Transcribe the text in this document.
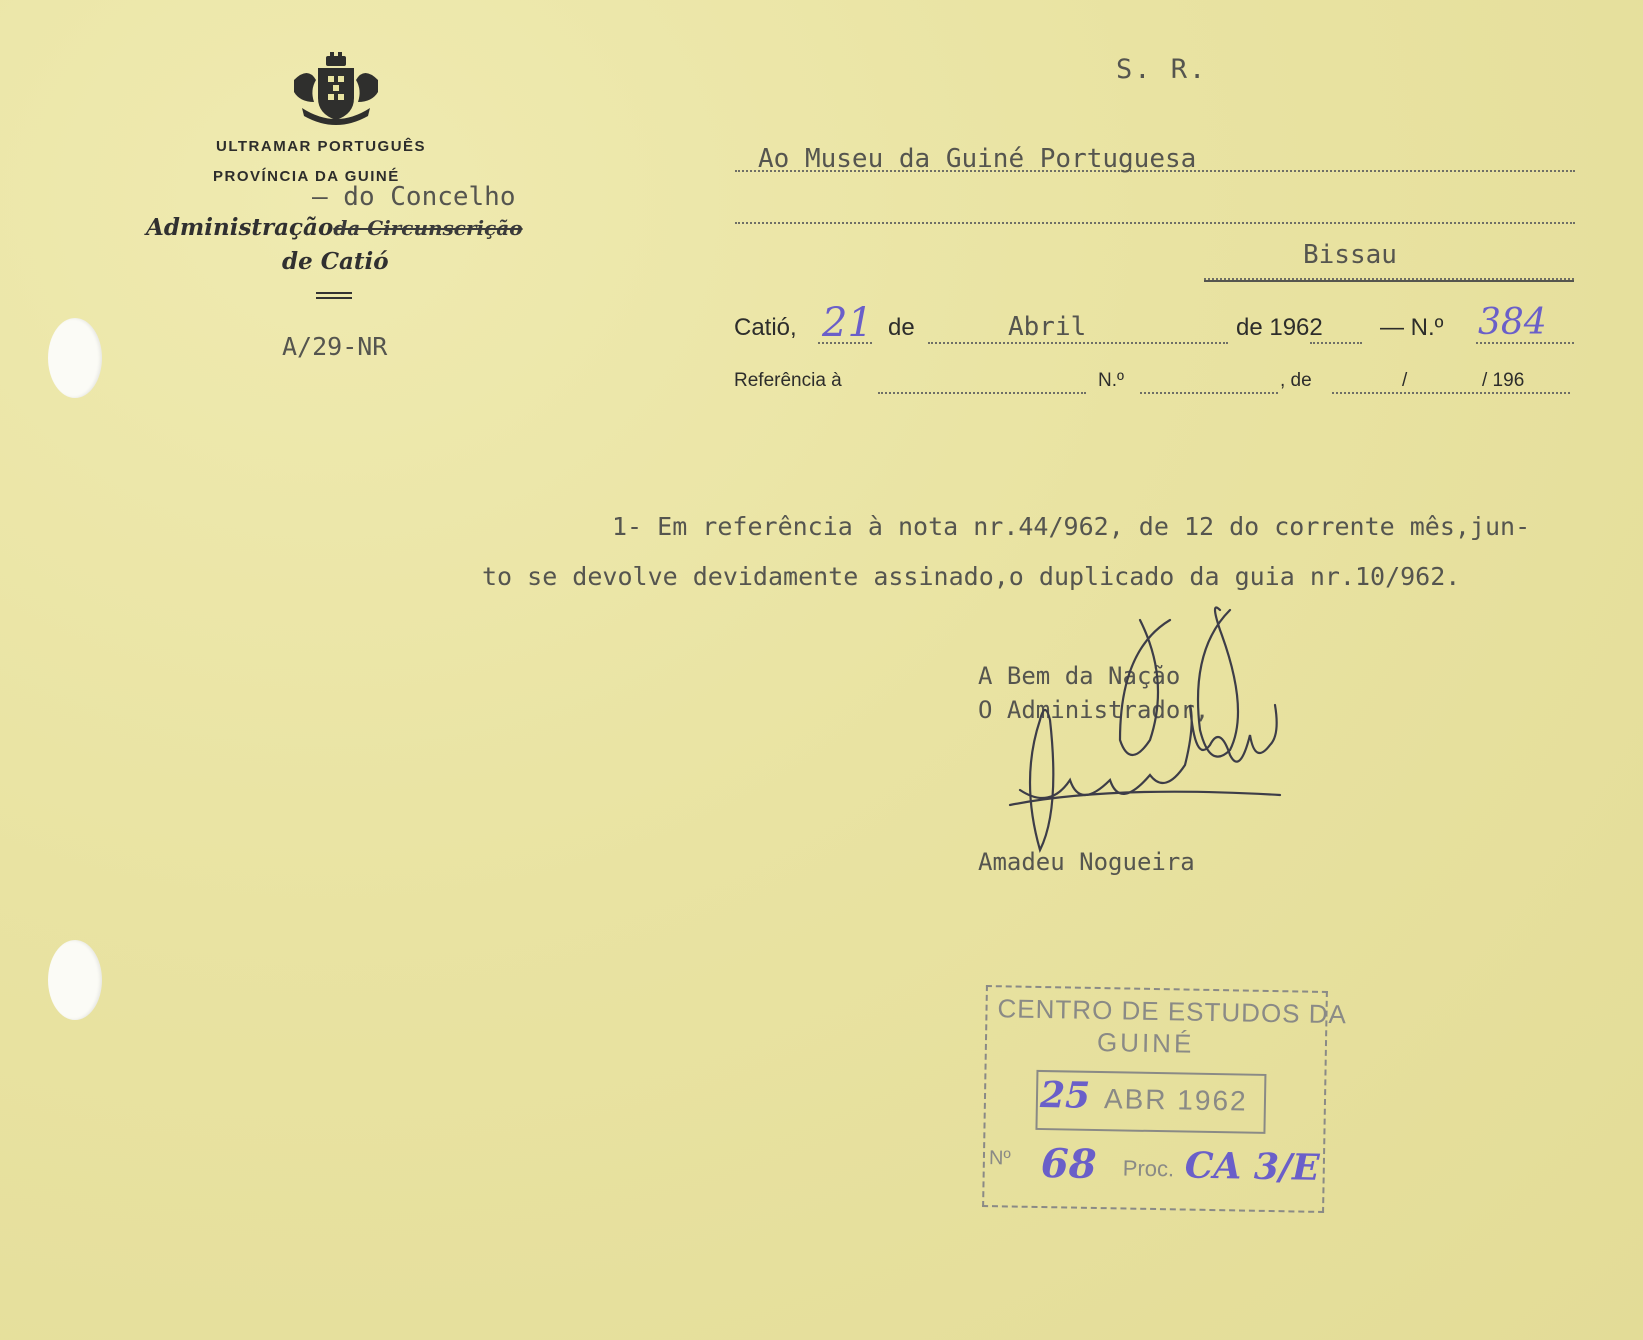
ULTRAMAR PORTUGUÊS
PROVÍNCIA DA GUINÉ
— do Concelho
Administraçãoda Circunscrição
de Catió
A/29-NR
S. R.
Ao Museu da Guiné Portuguesa
Bissau
Catió, 21 de	Abril	de 1962 — N.º 384
Referência à	N.º	, de	/	/ 196
1- Em referência à nota nr.44/962, de 12 do corrente mês,jun-
to se devolve devidamente assinado,o duplicado da guia nr.10/962.
A Bem da Nação
O Administrador,
Amadeu Nogueira
CENTRO DE ESTUDOS DA
GUINÉ
25 ABR 1962
Nº 68 Proc. CA 3/E
